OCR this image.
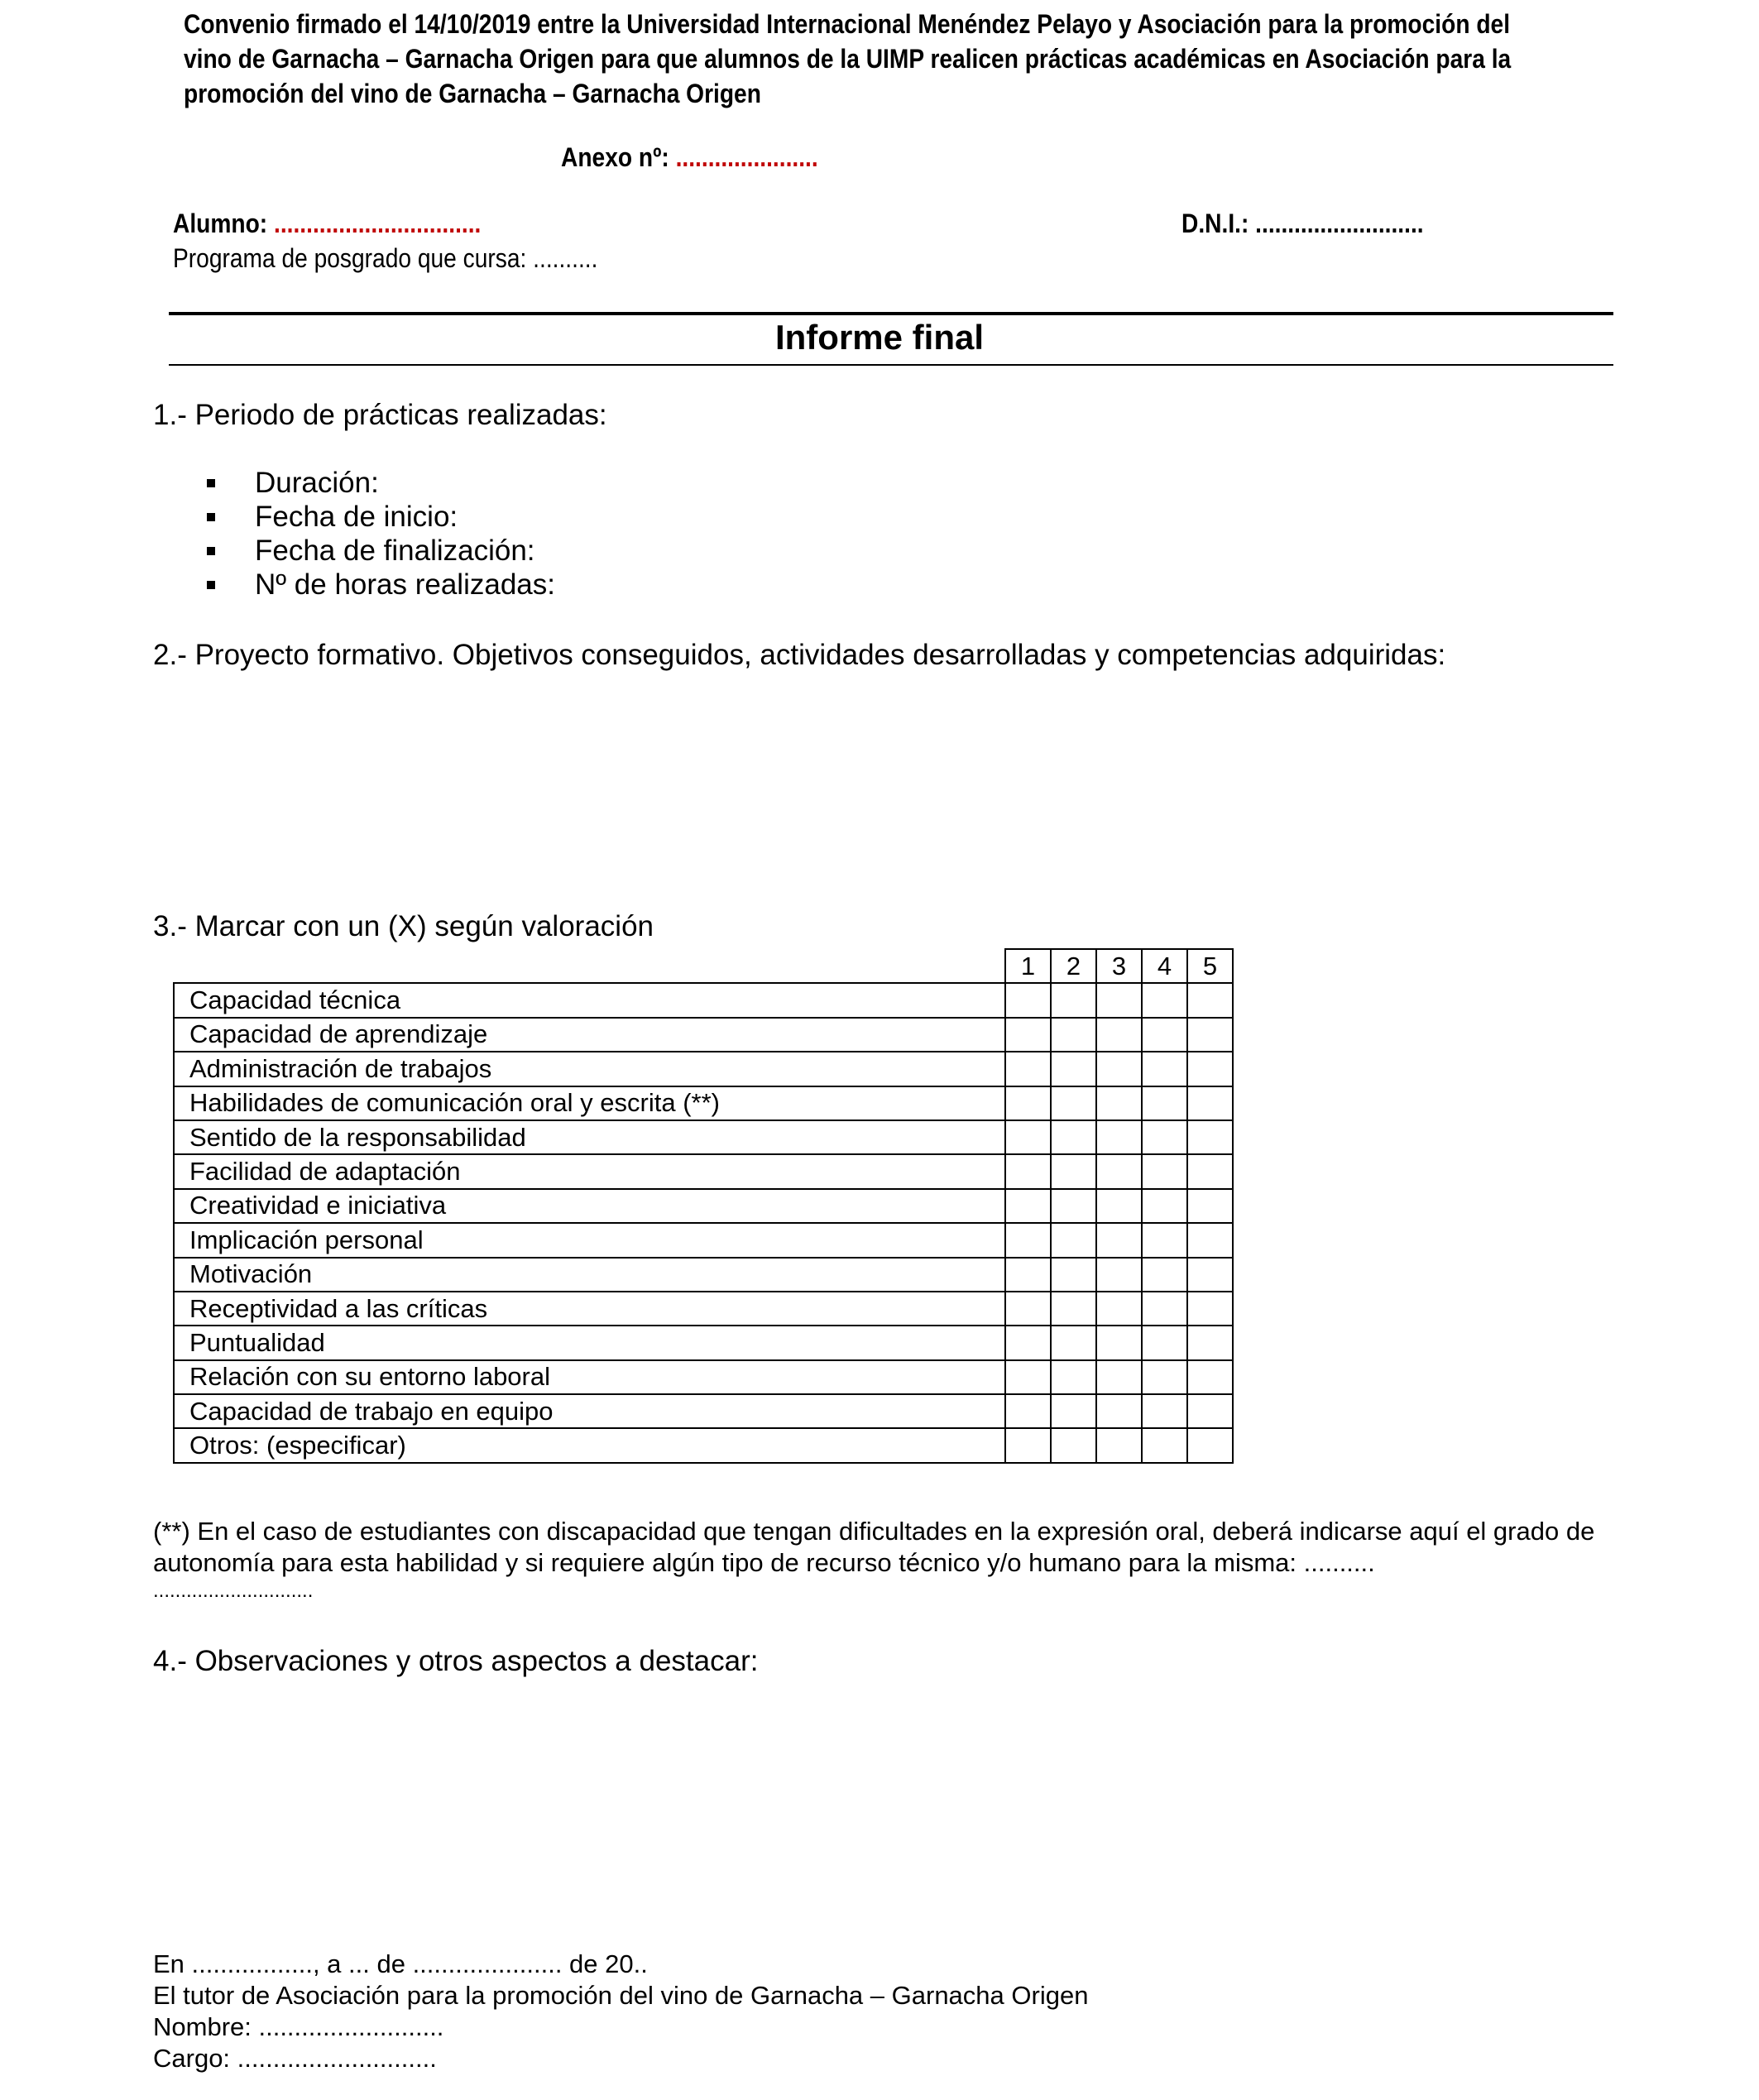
Convenio firmado el 14/10/2019 entre la Universidad Internacional Menéndez Pelayo y Asociación para la promoción del
vino de Garnacha – Garnacha Origen para que alumnos de la UIMP realicen prácticas académicas en Asociación para la
promoción del vino de Garnacha – Garnacha Origen
Anexo nº: ......................
Alumno: ................................	D.N.I.: ..........................
Programa de posgrado que cursa: ..........
Informe final
1.- Periodo de prácticas realizadas:
Duración:
Fecha de inicio:
Fecha de finalización:
Nº de horas realizadas:
2.- Proyecto formativo. Objetivos conseguidos, actividades desarrolladas y competencias adquiridas:
3.- Marcar con un (X) según valoración
	1	2	3	4	5
Capacidad técnica					
Capacidad de aprendizaje					
Administración de trabajos					
Habilidades de comunicación oral y escrita (**)					
Sentido de la responsabilidad					
Facilidad de adaptación					
Creatividad e iniciativa					
Implicación personal					
Motivación					
Receptividad a las críticas					
Puntualidad					
Relación con su entorno laboral					
Capacidad de trabajo en equipo					
Otros: (especificar)					
(**) En el caso de estudiantes con discapacidad que tengan dificultades en la expresión oral, deberá indicarse aquí el grado de
autonomía para esta habilidad y si requiere algún tipo de recurso técnico y/o humano para la misma: ..........
.............................
4.- Observaciones y otros aspectos a destacar:
En ................., a ... de ..................... de 20..
El tutor de Asociación para la promoción del vino de Garnacha – Garnacha Origen
Nombre: ..........................
Cargo: ............................
